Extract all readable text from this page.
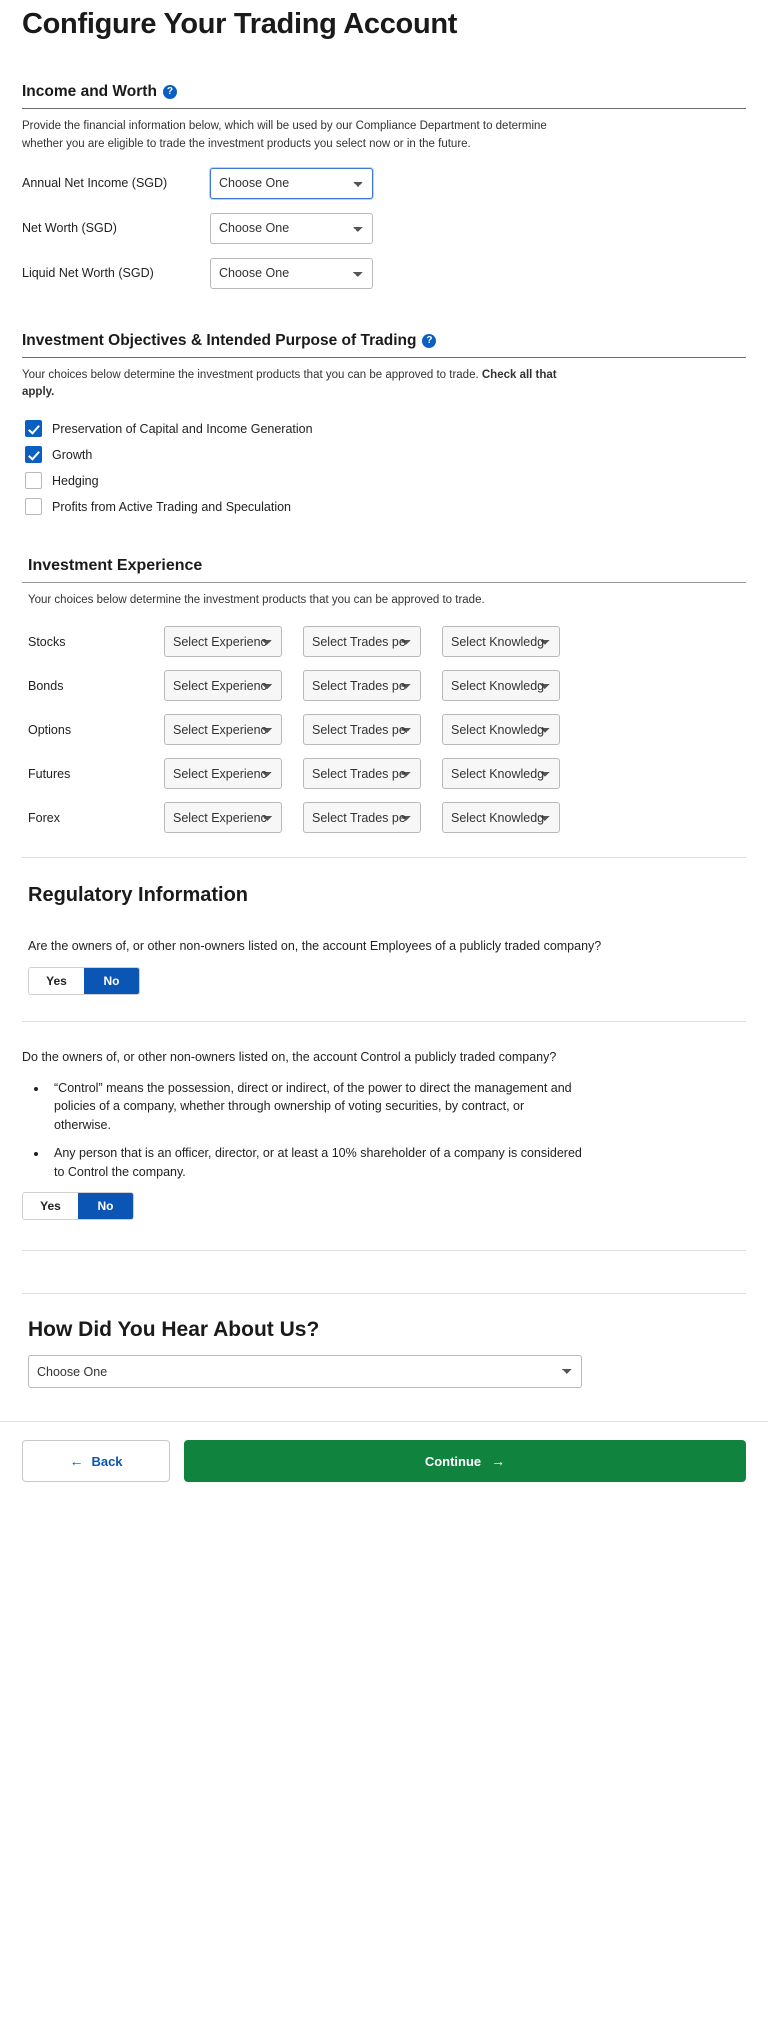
Configure Your Trading Account
Income and Worth ?
Provide the financial information below, which will be used by our Compliance Department to determine whether you are eligible to trade the investment products you select now or in the future.
Annual Net Income (SGD)
Choose One
Net Worth (SGD)
Choose One
Liquid Net Worth (SGD)
Choose One
Investment Objectives & Intended Purpose of Trading ?
Your choices below determine the investment products that you can be approved to trade. Check all that apply.
Preservation of Capital and Income Generation
Growth
Hedging
Profits from Active Trading and Speculation
Investment Experience
Your choices below determine the investment products that you can be approved to trade.
Stocks
Select Experienc
Select Trades pe
Select Knowledg
Bonds
Select Experienc
Select Trades pe
Select Knowledg
Options
Select Experienc
Select Trades pe
Select Knowledg
Futures
Select Experienc
Select Trades pe
Select Knowledg
Forex
Select Experienc
Select Trades pe
Select Knowledg
Regulatory Information
Are the owners of, or other non-owners listed on, the account Employees of a publicly traded company?
Yes	No
Do the owners of, or other non-owners listed on, the account Control a publicly traded company?
• “Control” means the possession, direct or indirect, of the power to direct the management and policies of a company, whether through ownership of voting securities, by contract, or otherwise.
• Any person that is an officer, director, or at least a 10% shareholder of a company is considered to Control the company.
Yes	No
How Did You Hear About Us?
Choose One
← Back	Continue →
